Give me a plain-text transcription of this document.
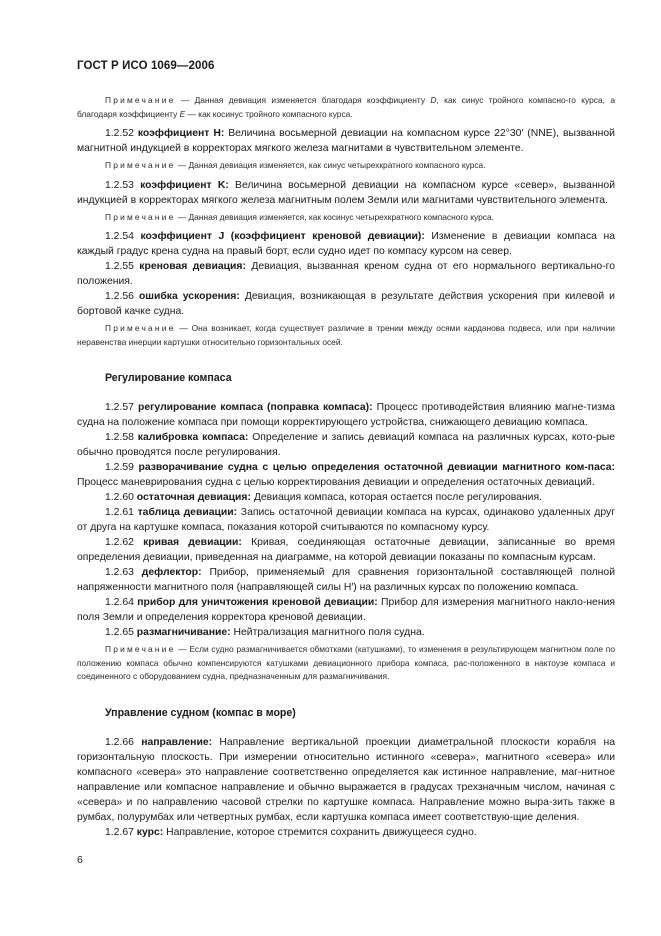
ГОСТ Р ИСО 1069—2006

Примечание — Данная девиация изменяется благодаря коэффициенту D, как синус тройного компасно-го курса, а благодаря коэффициенту E — как косинус тройного компасного курса.

1.2.52 коэффициент H: Величина восьмерной девиации на компасном курсе 22°30′ (NNE), вызванной магнитной индукцией в корректорах мягкого железа магнитами в чувствительном элементе.

Примечание — Данная девиация изменяется, как синус четырехкратного компасного курса.

1.2.53 коэффициент K: Величина восьмерной девиации на компасном курсе «север», вызванной индукцией в корректорах мягкого железа магнитным полем Земли или магнитами чувствительного элемента.

Примечание — Данная девиация изменяется, как косинус четырехкратного компасного курса.

1.2.54 коэффициент J (коэффициент креновой девиации): Изменение в девиации компаса на каждый градус крена судна на правый борт, если судно идет по компасу курсом на север.

1.2.55 креновая девиация: Девиация, вызванная креном судна от его нормального вертикально-го положения.

1.2.56 ошибка ускорения: Девиация, возникающая в результате действия ускорения при килевой и бортовой качке судна.

Примечание — Она возникает, когда существует различие в трении между осями карданова подвеса, или при наличии неравенства инерции картушки относительно горизонтальных осей.

Регулирование компаса

1.2.57 регулирование компаса (поправка компаса): Процесс противодействия влиянию магне-тизма судна на положение компаса при помощи корректирующего устройства, снижающего девиацию компаса.

1.2.58 калибровка компаса: Определение и запись девиаций компаса на различных курсах, кото-рые обычно проводятся после регулирования.

1.2.59 разворачивание судна с целью определения остаточной девиации магнитного ком-паса: Процесс маневрирования судна с целью корректирования девиации и определения остаточных девиаций.

1.2.60 остаточная девиация: Девиация компаса, которая остается после регулирования.

1.2.61 таблица девиации: Запись остаточной девиации компаса на курсах, одинаково удаленных друг от друга на картушке компаса, показания которой считываются по компасному курсу.

1.2.62 кривая девиации: Кривая, соединяющая остаточные девиации, записанные во время определения девиации, приведенная на диаграмме, на которой девиации показаны по компасным курсам.

1.2.63 дефлектор: Прибор, применяемый для сравнения горизонтальной составляющей полной напряженности магнитного поля (направляющей силы H′) на различных курсах по положению компаса.

1.2.64 прибор для уничтожения креновой девиации: Прибор для измерения магнитного накло-нения поля Земли и определения корректора креновой девиации.

1.2.65 размагничивание: Нейтрализация магнитного поля судна.

Примечание — Если судно размагничивается обмотками (катушками), то изменения в результирующем магнитном поле по положению компаса обычно компенсируются катушками девиационного прибора компаса, рас-положенного в нактоузе компаса и соединенного с оборудованием судна, предназначенным для размагничивания.

Управление судном (компас в море)

1.2.66 направление: Направление вертикальной проекции диаметральной плоскости корабля на горизонтальную плоскость. При измерении относительно истинного «севера», магнитного «севера» или компасного «севера» это направление соответственно определяется как истинное направление, маг-нитное направление или компасное направление и обычно выражается в градусах трехзначным числом, начиная с «севера» и по направлению часовой стрелки по картушке компаса. Направление можно выра-зить также в румбах, полурумбах или четвертных румбах, если картушка компаса имеет соответствую-щие деления.

1.2.67 курс: Направление, которое стремится сохранить движущееся судно.

6
